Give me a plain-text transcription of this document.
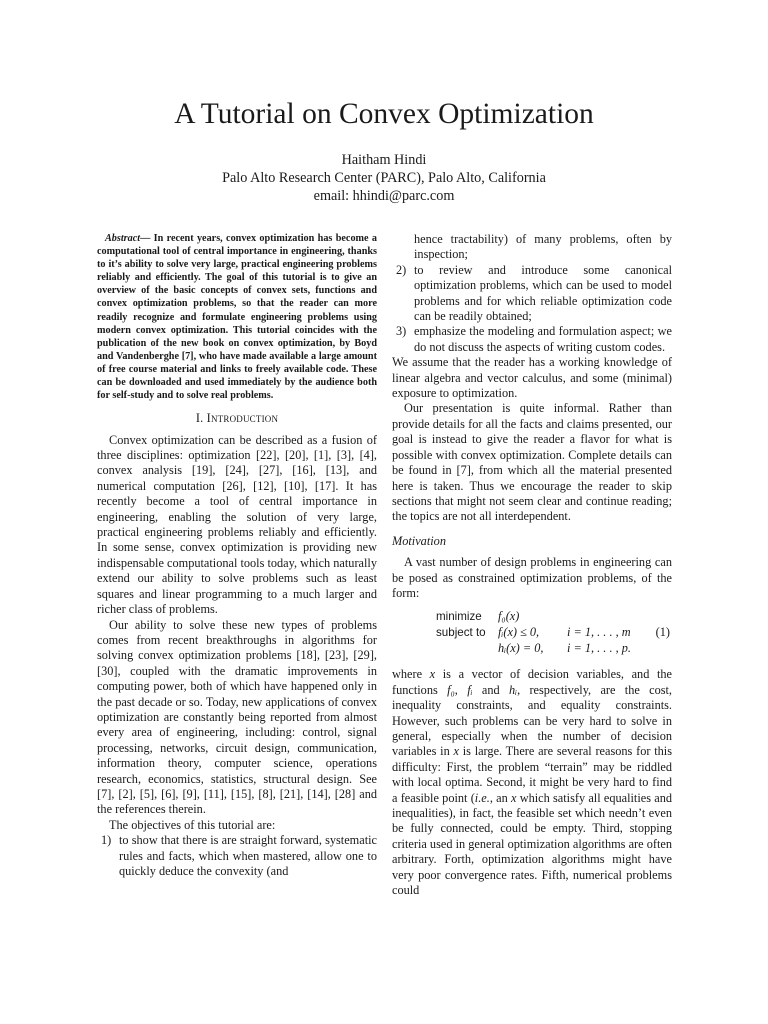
A Tutorial on Convex Optimization
Haitham Hindi
Palo Alto Research Center (PARC), Palo Alto, California
email: hhindi@parc.com

Abstract— In recent years, convex optimization has become a computational tool of central importance in engineering, thanks to it’s ability to solve very large, practical engineering problems reliably and efficiently. The goal of this tutorial is to give an overview of the basic concepts of convex sets, functions and convex optimization problems, so that the reader can more readily recognize and formulate engineering problems using modern convex optimization. This tutorial coincides with the publication of the new book on convex optimization, by Boyd and Vandenberghe [7], who have made available a large amount of free course material and links to freely available code. These can be downloaded and used immediately by the audience both for self-study and to solve real problems.

I. Introduction

Convex optimization can be described as a fusion of three disciplines: optimization [22], [20], [1], [3], [4], convex analysis [19], [24], [27], [16], [13], and numerical computation [26], [12], [10], [17]. It has recently become a tool of central importance in engineering, enabling the solution of very large, practical engineering problems reliably and efficiently. In some sense, convex optimization is providing new indispensable computational tools today, which naturally extend our ability to solve problems such as least squares and linear programming to a much larger and richer class of problems.

Our ability to solve these new types of problems comes from recent breakthroughs in algorithms for solving convex optimization problems [18], [23], [29], [30], coupled with the dramatic improvements in computing power, both of which have happened only in the past decade or so. Today, new applications of convex optimization are constantly being reported from almost every area of engineering, including: control, signal processing, networks, circuit design, communication, information theory, computer science, operations research, economics, statistics, structural design. See [7], [2], [5], [6], [9], [11], [15], [8], [21], [14], [28] and the references therein.

The objectives of this tutorial are:

1) to show that there is are straight forward, systematic rules and facts, which when mastered, allow one to quickly deduce the convexity (and
hence tractability) of many problems, often by inspection;
2) to review and introduce some canonical optimization problems, which can be used to model problems and for which reliable optimization code can be readily obtained;
3) emphasize the modeling and formulation aspect; we do not discuss the aspects of writing custom codes.

We assume that the reader has a working knowledge of linear algebra and vector calculus, and some (minimal) exposure to optimization.

Our presentation is quite informal. Rather than provide details for all the facts and claims presented, our goal is instead to give the reader a flavor for what is possible with convex optimization. Complete details can be found in [7], from which all the material presented here is taken. Thus we encourage the reader to skip sections that might not seem clear and continue reading; the topics are not all interdependent.

Motivation

A vast number of design problems in engineering can be posed as constrained optimization problems, of the form:

minimize f₀(x)
subject to fᵢ(x) ≤ 0, i = 1, . . . , m (1)
hᵢ(x) = 0, i = 1, . . . , p.

where x is a vector of decision variables, and the functions f₀, fᵢ and hᵢ, respectively, are the cost, inequality constraints, and equality constraints. However, such problems can be very hard to solve in general, especially when the number of decision variables in x is large. There are several reasons for this difficulty: First, the problem “terrain” may be riddled with local optima. Second, it might be very hard to find a feasible point (i.e., an x which satisfy all equalities and inequalities), in fact, the feasible set which needn’t even be fully connected, could be empty. Third, stopping criteria used in general optimization algorithms are often arbitrary. Forth, optimization algorithms might have very poor convergence rates. Fifth, numerical problems could
